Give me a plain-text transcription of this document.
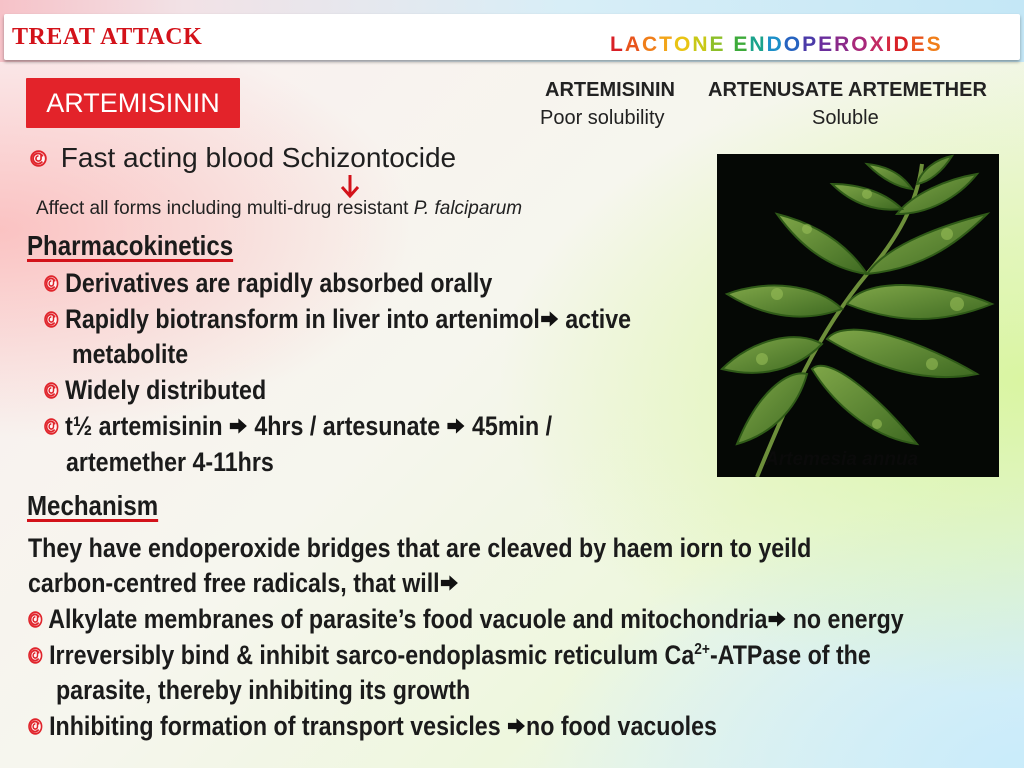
TREAT ATTACK	LACTONE ENDOPEROXIDES
ARTEMISININ	ARTEMISININ ARTENUSATE ARTEMETHER
Poor solubility	Soluble
Fast acting blood Schizontocide
Affect all forms including multi-drug resistant P. falciparum
Pharmacokinetics
Derivatives are rapidly absorbed orally
Rapidly biotransform in liver into artenimol active
metabolite
Widely distributed
t½ artemisinin  4hrs / artesunate  45min /
artemether 4-11hrs	Artemesia annua
Mechanism
They have endoperoxide bridges that are cleaved by haem iorn to yeild
carbon-centred free radicals, that will
Alkylate membranes of parasite’s food vacuole and mitochondria no energy
Irreversibly bind & inhibit sarco-endoplasmic reticulum $Ca^{2+}$-ATPase of the
parasite, thereby inhibiting its growth
Inhibiting formation of transport vesicles no food vacuoles
